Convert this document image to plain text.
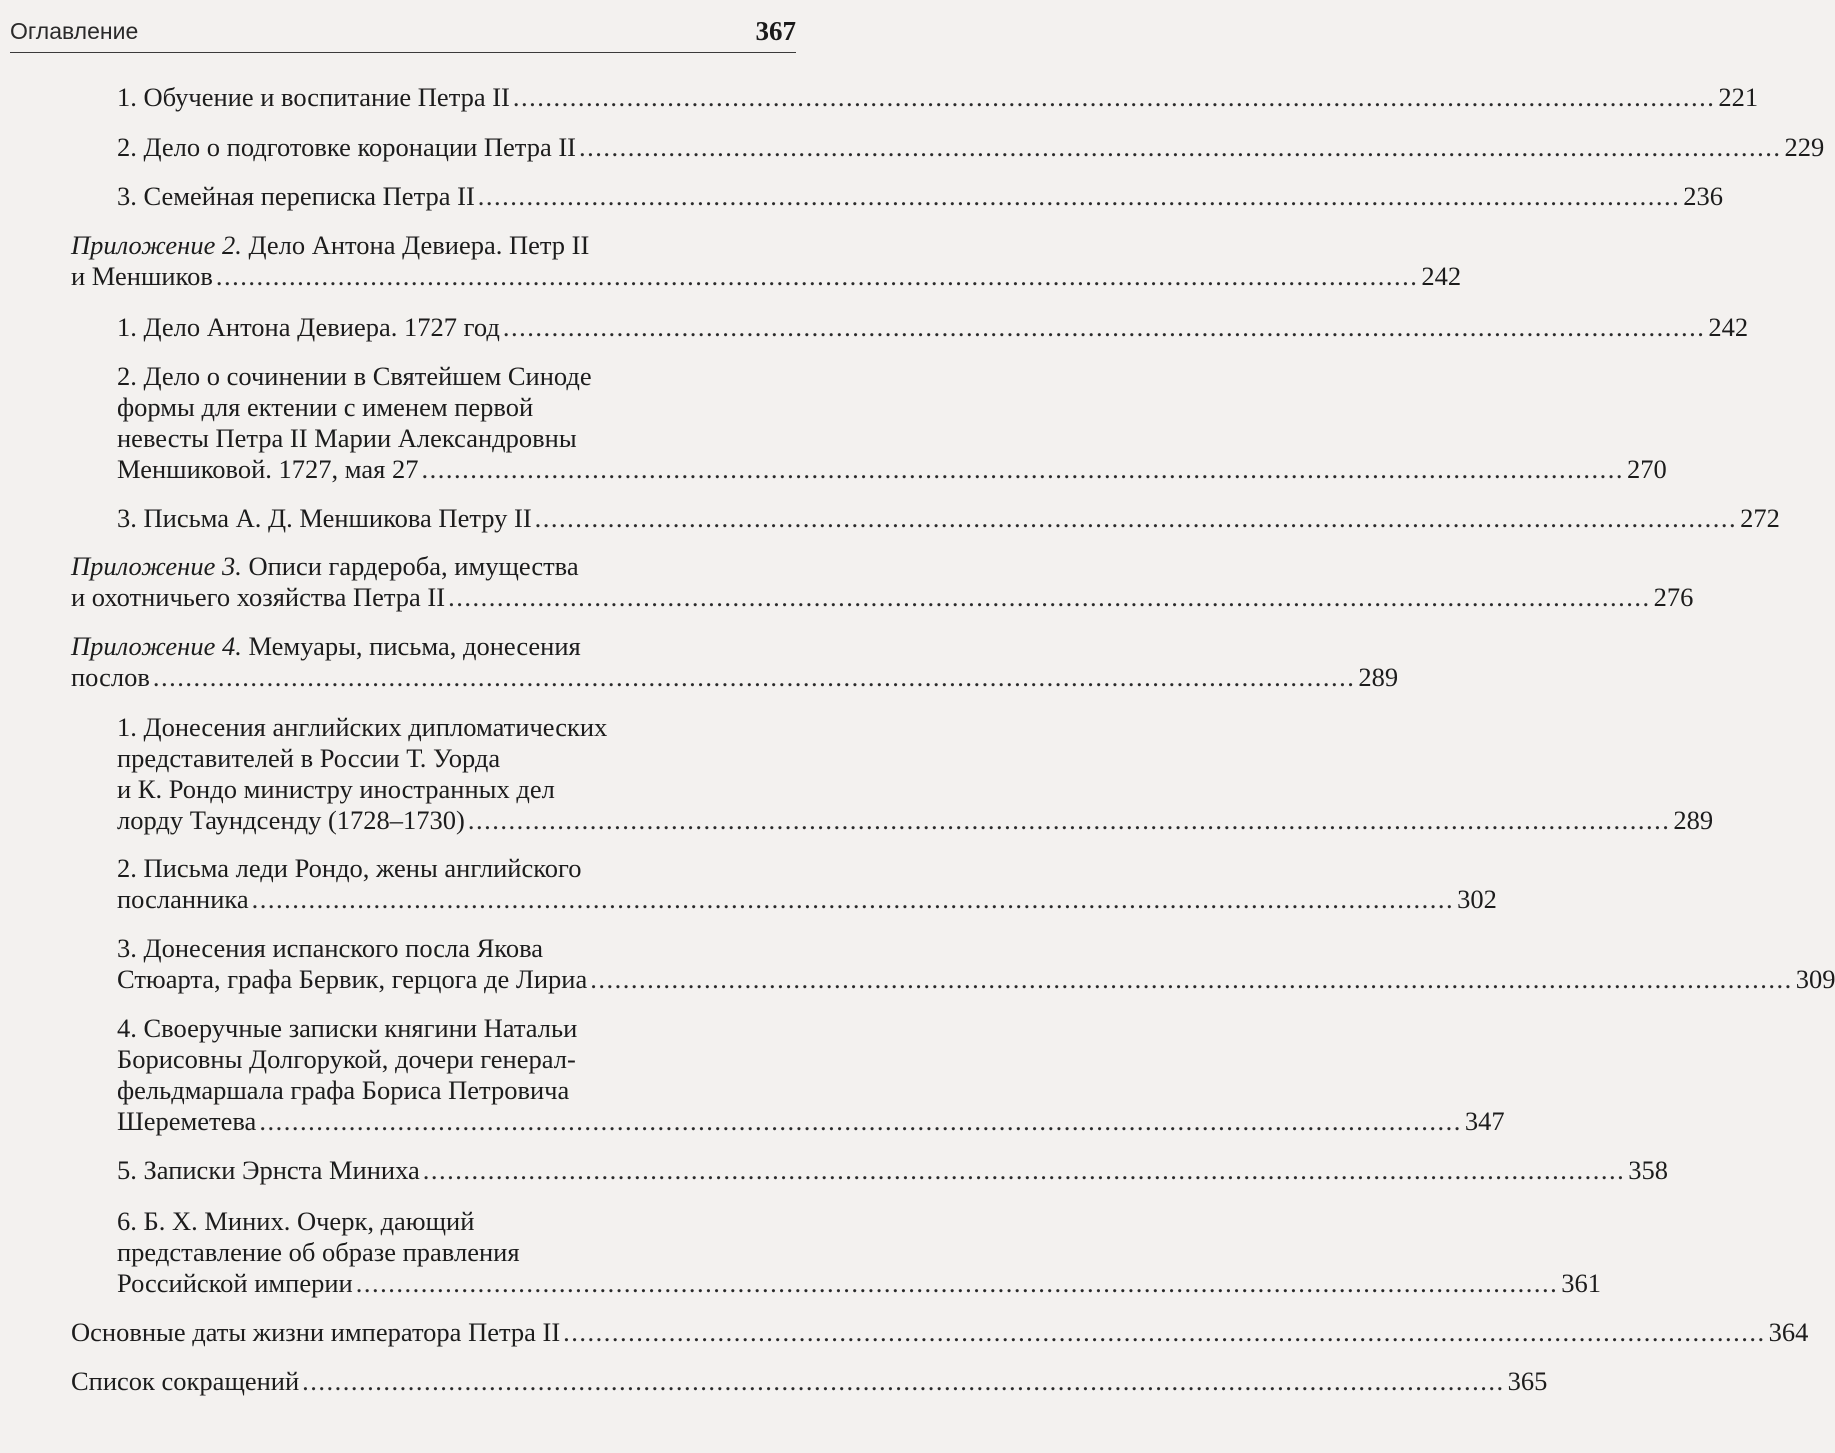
Оглавление	367
1. Обучение и воспитание Петра II .................................................................................................................................................... 221
2. Дело о подготовке коронации Петра II .................................................................................................................................................... 229
3. Семейная переписка Петра II .................................................................................................................................................... 236
Приложение 2. Дело Антона Девиера. Петр II
и Меншиков .................................................................................................................................................... 242
1. Дело Антона Девиера. 1727 год .................................................................................................................................................... 242
2. Дело о сочинении в Святейшем Синоде
формы для ектении с именем первой
невесты Петра II Марии Александровны
Меншиковой. 1727, мая 27 .................................................................................................................................................... 270
3. Письма А. Д. Меншикова Петру II .................................................................................................................................................... 272
Приложение 3. Описи гардероба, имущества
и охотничьего хозяйства Петра II .................................................................................................................................................... 276
Приложение 4. Мемуары, письма, донесения
послов .................................................................................................................................................... 289
1. Донесения английских дипломатических
представителей в России Т. Уорда
и К. Рондо министру иностранных дел
лорду Таундсенду (1728–1730) .................................................................................................................................................... 289
2. Письма леди Рондо, жены английского
посланника .................................................................................................................................................... 302
3. Донесения испанского посла Якова
Стюарта, графа Бервик, герцога де Лириа .................................................................................................................................................... 309
4. Своеручные записки княгини Натальи
Борисовны Долгорукой, дочери генерал-
фельдмаршала графа Бориса Петровича
Шереметева .................................................................................................................................................... 347
5. Записки Эрнста Миниха .................................................................................................................................................... 358
6. Б. Х. Миних. Очерк, дающий
представление об образе правления
Российской империи .................................................................................................................................................... 361
Основные даты жизни императора Петра II .................................................................................................................................................... 364
Список сокращений .................................................................................................................................................... 365
